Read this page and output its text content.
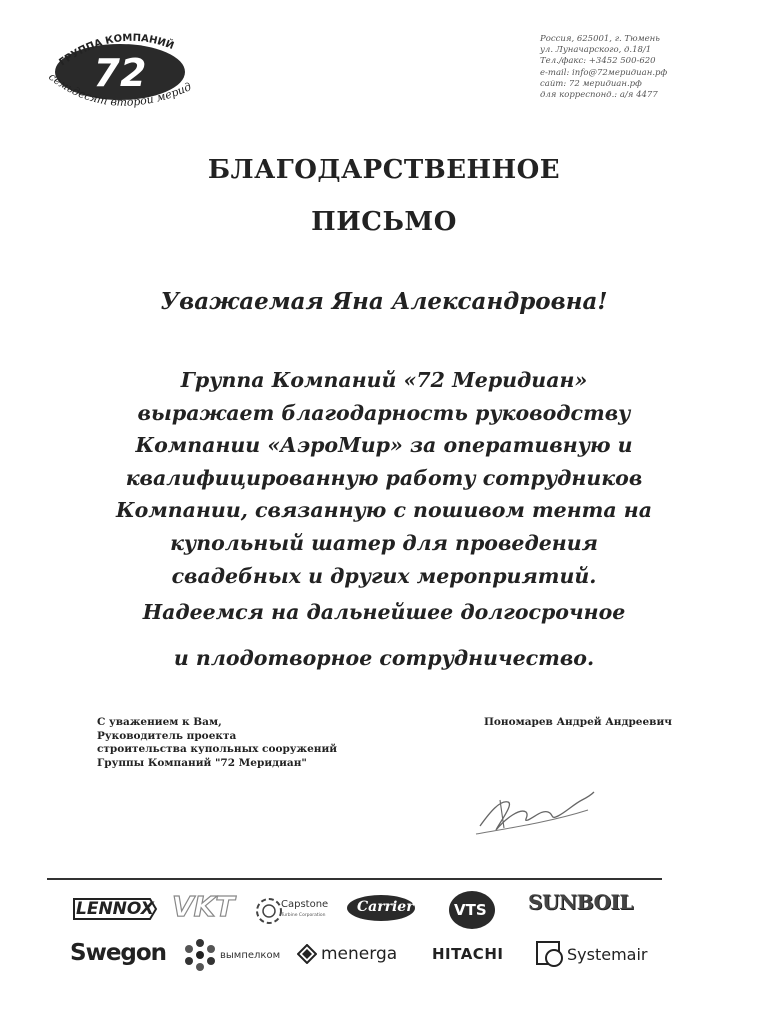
72
ГРУППА КОМПАНИЙ
семьдесят второй мерид
Россия, 625001, г. Тюмень
ул. Луначарского, д.18/1
Тел./факс: +3452 500-620
e-mail: info@72меридиан.рф
сайт: 72 меридиан.рф
для корреспонд.: а/я 4477
БЛАГОДАРСТВЕННОЕ
ПИСЬМО
Уважаемая Яна Александровна!
Группа Компаний «72 Меридиан»
выражает благодарность руководству
Компании «АэроМир» за оперативную и
квалифицированную работу сотрудников
Компании, связанную с пошивом тента на
купольный шатер для проведения
свадебных и других мероприятий.
Надеемся на дальнейшее долгосрочное
и плодотворное сотрудничество.
С уважением к Вам,
Руководитель проекта
строительства купольных сооружений
Группы Компаний "72 Меридиан"
Пономарев Андрей Андреевич
LENNOX VKT	Capstone
Turbine Corporation
Carrier	VTS SUNBOIL
Swegon	вымпелком menerga HITACHI	Systemair
